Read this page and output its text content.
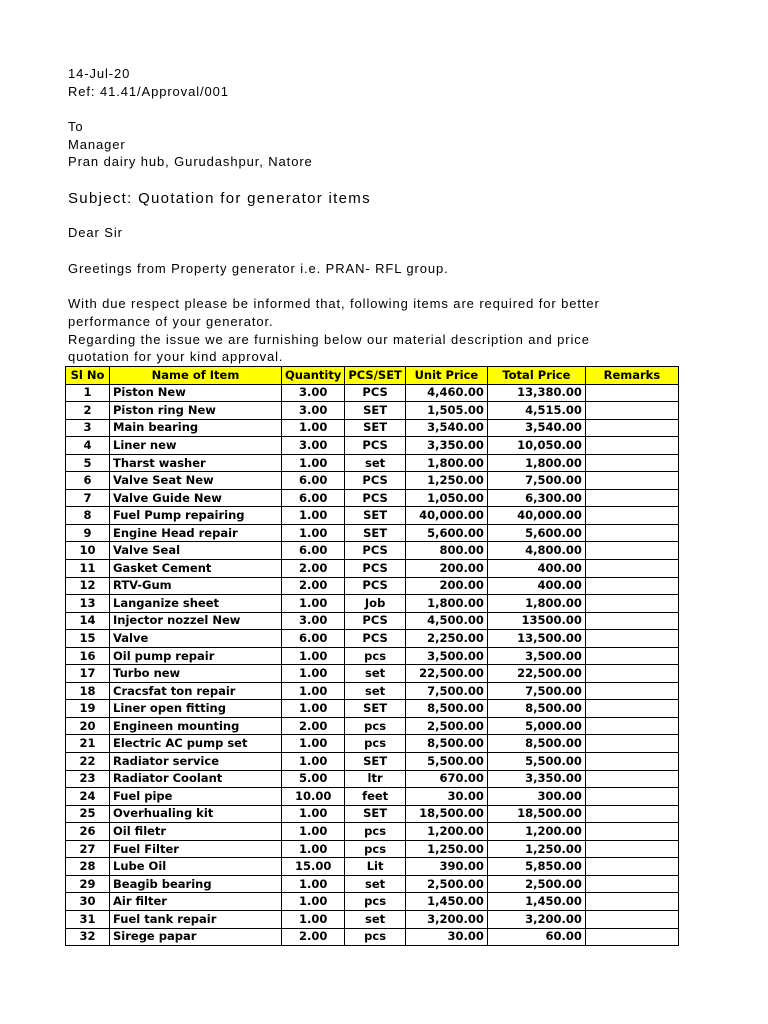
14-Jul-20
Ref: 41.41/Approval/001
To
Manager
Pran dairy hub, Gurudashpur, Natore
Subject: Quotation for generator items
Dear Sir
Greetings from Property generator i.e. PRAN- RFL group.
With due respect please be informed that, following items are required for better
performance of your generator.
Regarding the issue we are furnishing below our material description and price
quotation for your kind approval.
Sl No	Name of Item	Quantity	PCS/SET	Unit Price	Total Price	Remarks
1	Piston New	3.00	PCS	4,460.00	13,380.00	
2	Piston ring New	3.00	SET	1,505.00	4,515.00	
3	Main bearing	1.00	SET	3,540.00	3,540.00	
4	Liner new	3.00	PCS	3,350.00	10,050.00	
5	Tharst washer	1.00	set	1,800.00	1,800.00	
6	Valve Seat New	6.00	PCS	1,250.00	7,500.00	
7	Valve Guide New	6.00	PCS	1,050.00	6,300.00	
8	Fuel Pump repairing	1.00	SET	40,000.00	40,000.00	
9	Engine Head repair	1.00	SET	5,600.00	5,600.00	
10	Valve Seal	6.00	PCS	800.00	4,800.00	
11	Gasket Cement	2.00	PCS	200.00	400.00	
12	RTV-Gum	2.00	PCS	200.00	400.00	
13	Langanize sheet	1.00	Job	1,800.00	1,800.00	
14	Injector nozzel New	3.00	PCS	4,500.00	13500.00	
15	Valve	6.00	PCS	2,250.00	13,500.00	
16	Oil pump repair	1.00	pcs	3,500.00	3,500.00	
17	Turbo new	1.00	set	22,500.00	22,500.00	
18	Cracsfat ton repair	1.00	set	7,500.00	7,500.00	
19	Liner open fitting	1.00	SET	8,500.00	8,500.00	
20	Engineen mounting	2.00	pcs	2,500.00	5,000.00	
21	Electric AC pump set	1.00	pcs	8,500.00	8,500.00	
22	Radiator service	1.00	SET	5,500.00	5,500.00	
23	Radiator Coolant	5.00	ltr	670.00	3,350.00	
24	Fuel pipe	10.00	feet	30.00	300.00	
25	Overhualing kit	1.00	SET	18,500.00	18,500.00	
26	Oil filetr	1.00	pcs	1,200.00	1,200.00	
27	Fuel Filter	1.00	pcs	1,250.00	1,250.00	
28	Lube Oil	15.00	Lit	390.00	5,850.00	
29	Beagib bearing	1.00	set	2,500.00	2,500.00	
30	Air filter	1.00	pcs	1,450.00	1,450.00	
31	Fuel tank repair	1.00	set	3,200.00	3,200.00	
32	Sirege papar	2.00	pcs	30.00	60.00	
